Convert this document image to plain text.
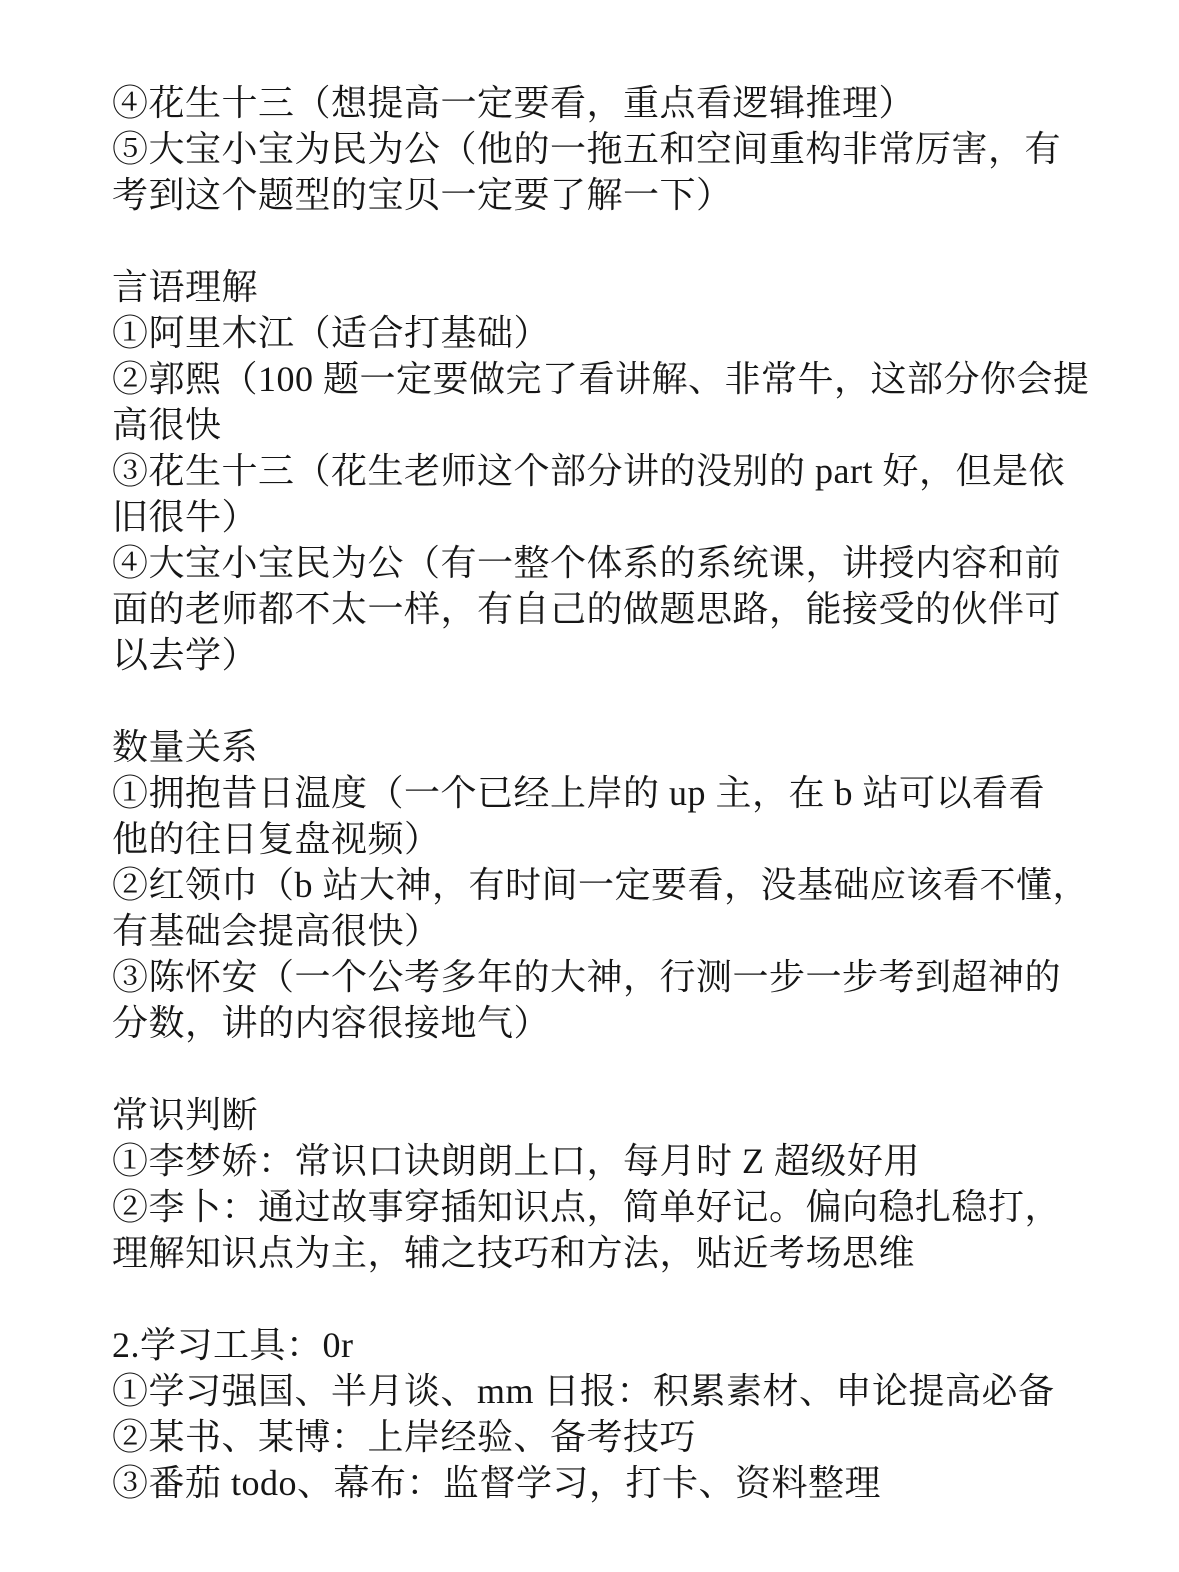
④花生十三（想提高一定要看，重点看逻辑推理）
⑤大宝小宝为民为公（他的一拖五和空间重构非常厉害，有
考到这个题型的宝贝一定要了解一下）
言语理解
①阿里木江（适合打基础）
②郭熙（100 题一定要做完了看讲解、非常牛，这部分你会提
高很快
③花生十三（花生老师这个部分讲的没别的 part 好，但是依
旧很牛）
④大宝小宝民为公（有一整个体系的系统课，讲授内容和前
面的老师都不太一样，有自己的做题思路，能接受的伙伴可
以去学）
数量关系
①拥抱昔日温度（一个已经上岸的 up 主，在 b 站可以看看
他的往日复盘视频）
②红领巾（b 站大神，有时间一定要看，没基础应该看不懂，
有基础会提高很快）
③陈怀安（一个公考多年的大神，行测一步一步考到超神的
分数，讲的内容很接地气）
常识判断
①李梦娇：常识口诀朗朗上口，每月时 Z 超级好用
②李卜：通过故事穿插知识点，简单好记。偏向稳扎稳打，
理解知识点为主，辅之技巧和方法，贴近考场思维
2.学习工具：0r
①学习强国、半月谈、mm 日报：积累素材、申论提高必备
②某书、某博：上岸经验、备考技巧
③番茄 todo、幕布：监督学习，打卡、资料整理
